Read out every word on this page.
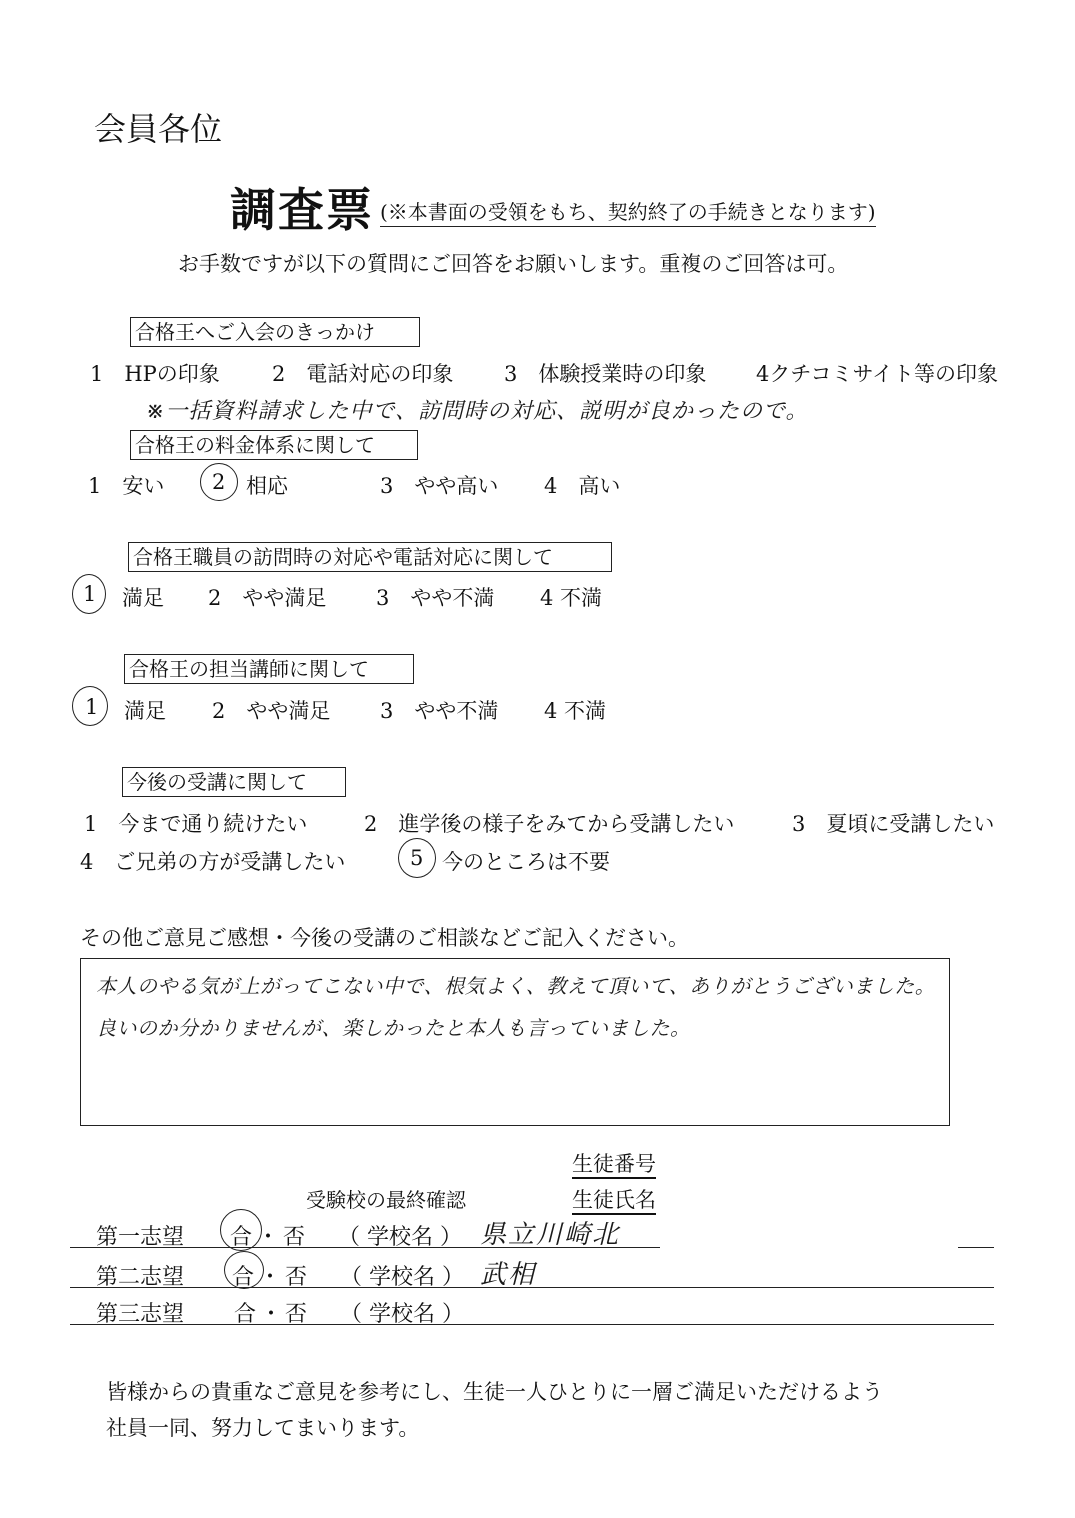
会員各位
調査票 (※本書面の受領をもち、契約終了の手続きとなります)
お手数ですが以下の質問にご回答をお願いします。重複のご回答は可。
合格王へご入会のきっかけ
1　HPの印象 2　電話対応の印象 3　体験授業時の印象 4クチコミサイト等の印象
※一括資料請求した中で、訪問時の対応、説明が良かったので。
合格王の料金体系に関して
1　安い 2 相応	3　やや高い 4　高い
合格王職員の訪問時の対応や電話対応に関して
1 満足 2　やや満足 3　やや不満 4 不満
合格王の担当講師に関して
1 満足 2　やや満足 3　やや不満 4 不満
今後の受講に関して
1　今まで通り続けたい	2　進学後の様子をみてから受講したい	3　夏頃に受講したい
4　ご兄弟の方が受講したい	5 今のところは不要
その他ご意見ご感想・今後の受講のご相談などご記入ください。
本人のやる気が上がってこない中で、根気よく、教えて頂いて、ありがとうございました。
良いのか分かりませんが、楽しかったと本人も言っていました。
生徒番号
生徒氏名
受験校の最終確認
第一志望 合 ・ 否 （ 学校名 ） 県立川崎北
第二志望 合 ・ 否 （ 学校名 ） 武相
第三志望 合 ・ 否 （ 学校名 ）
皆様からの貴重なご意見を参考にし、生徒一人ひとりに一層ご満足いただけるよう
社員一同、努力してまいります。
